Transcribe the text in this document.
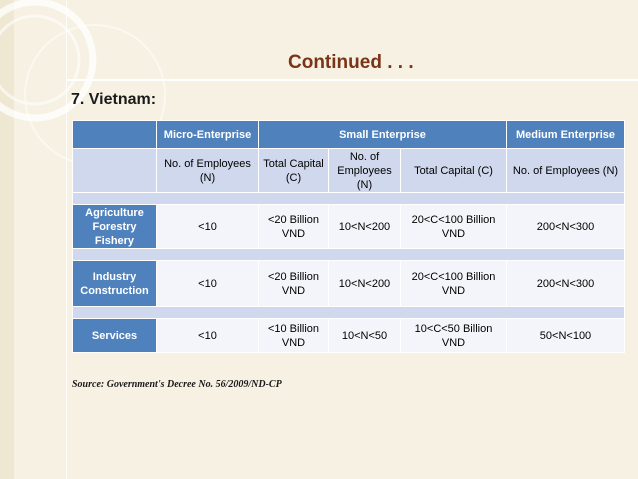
Continued . . .
7. Vietnam:
	Micro-Enterprise	Small Enterprise			Medium Enterprise
	No. of Employees (N)	Total Capital (C)	No. of Employees (N)	Total Capital (C)	No. of Employees (N)

Agriculture Forestry Fishery	<10	<20 Billion VND	10<N<200	20<C<100 Billion VND	200<N<300

Industry Construction	<10	<20 Billion VND	10<N<200	20<C<100 Billion VND	200<N<300

Services	<10	<10 Billion VND	10<N<50	10<C<50 Billion VND	50<N<100
Source: Government's Decree No. 56/2009/ND-CP
